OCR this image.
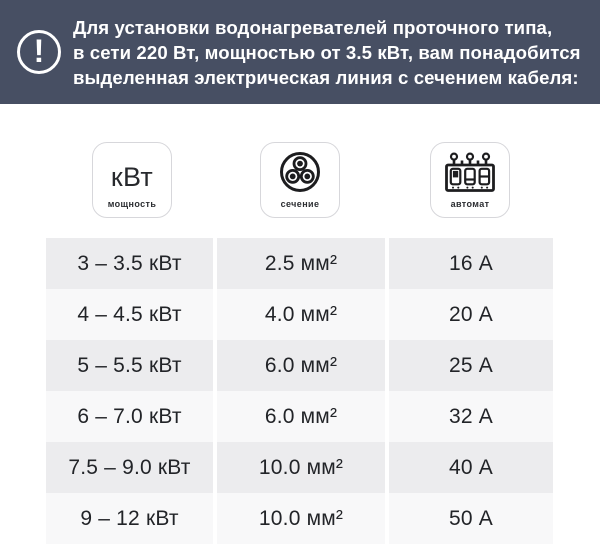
!
Для установки водонагревателей проточного типа,
в сети 220 Вт, мощностью от 3.5 кВт, вам понадобится
выделенная электрическая линия с сечением кабеля:
кВт
мощность	сечение	автомат
3 – 3.5 кВт	2.5 мм²	16 А
4 – 4.5 кВт	4.0 мм²	20 А
5 – 5.5 кВт	6.0 мм²	25 А
6 – 7.0 кВт	6.0 мм²	32 А
7.5 – 9.0 кВт	10.0 мм²	40 А
9 – 12 кВт	10.0 мм²	50 А
